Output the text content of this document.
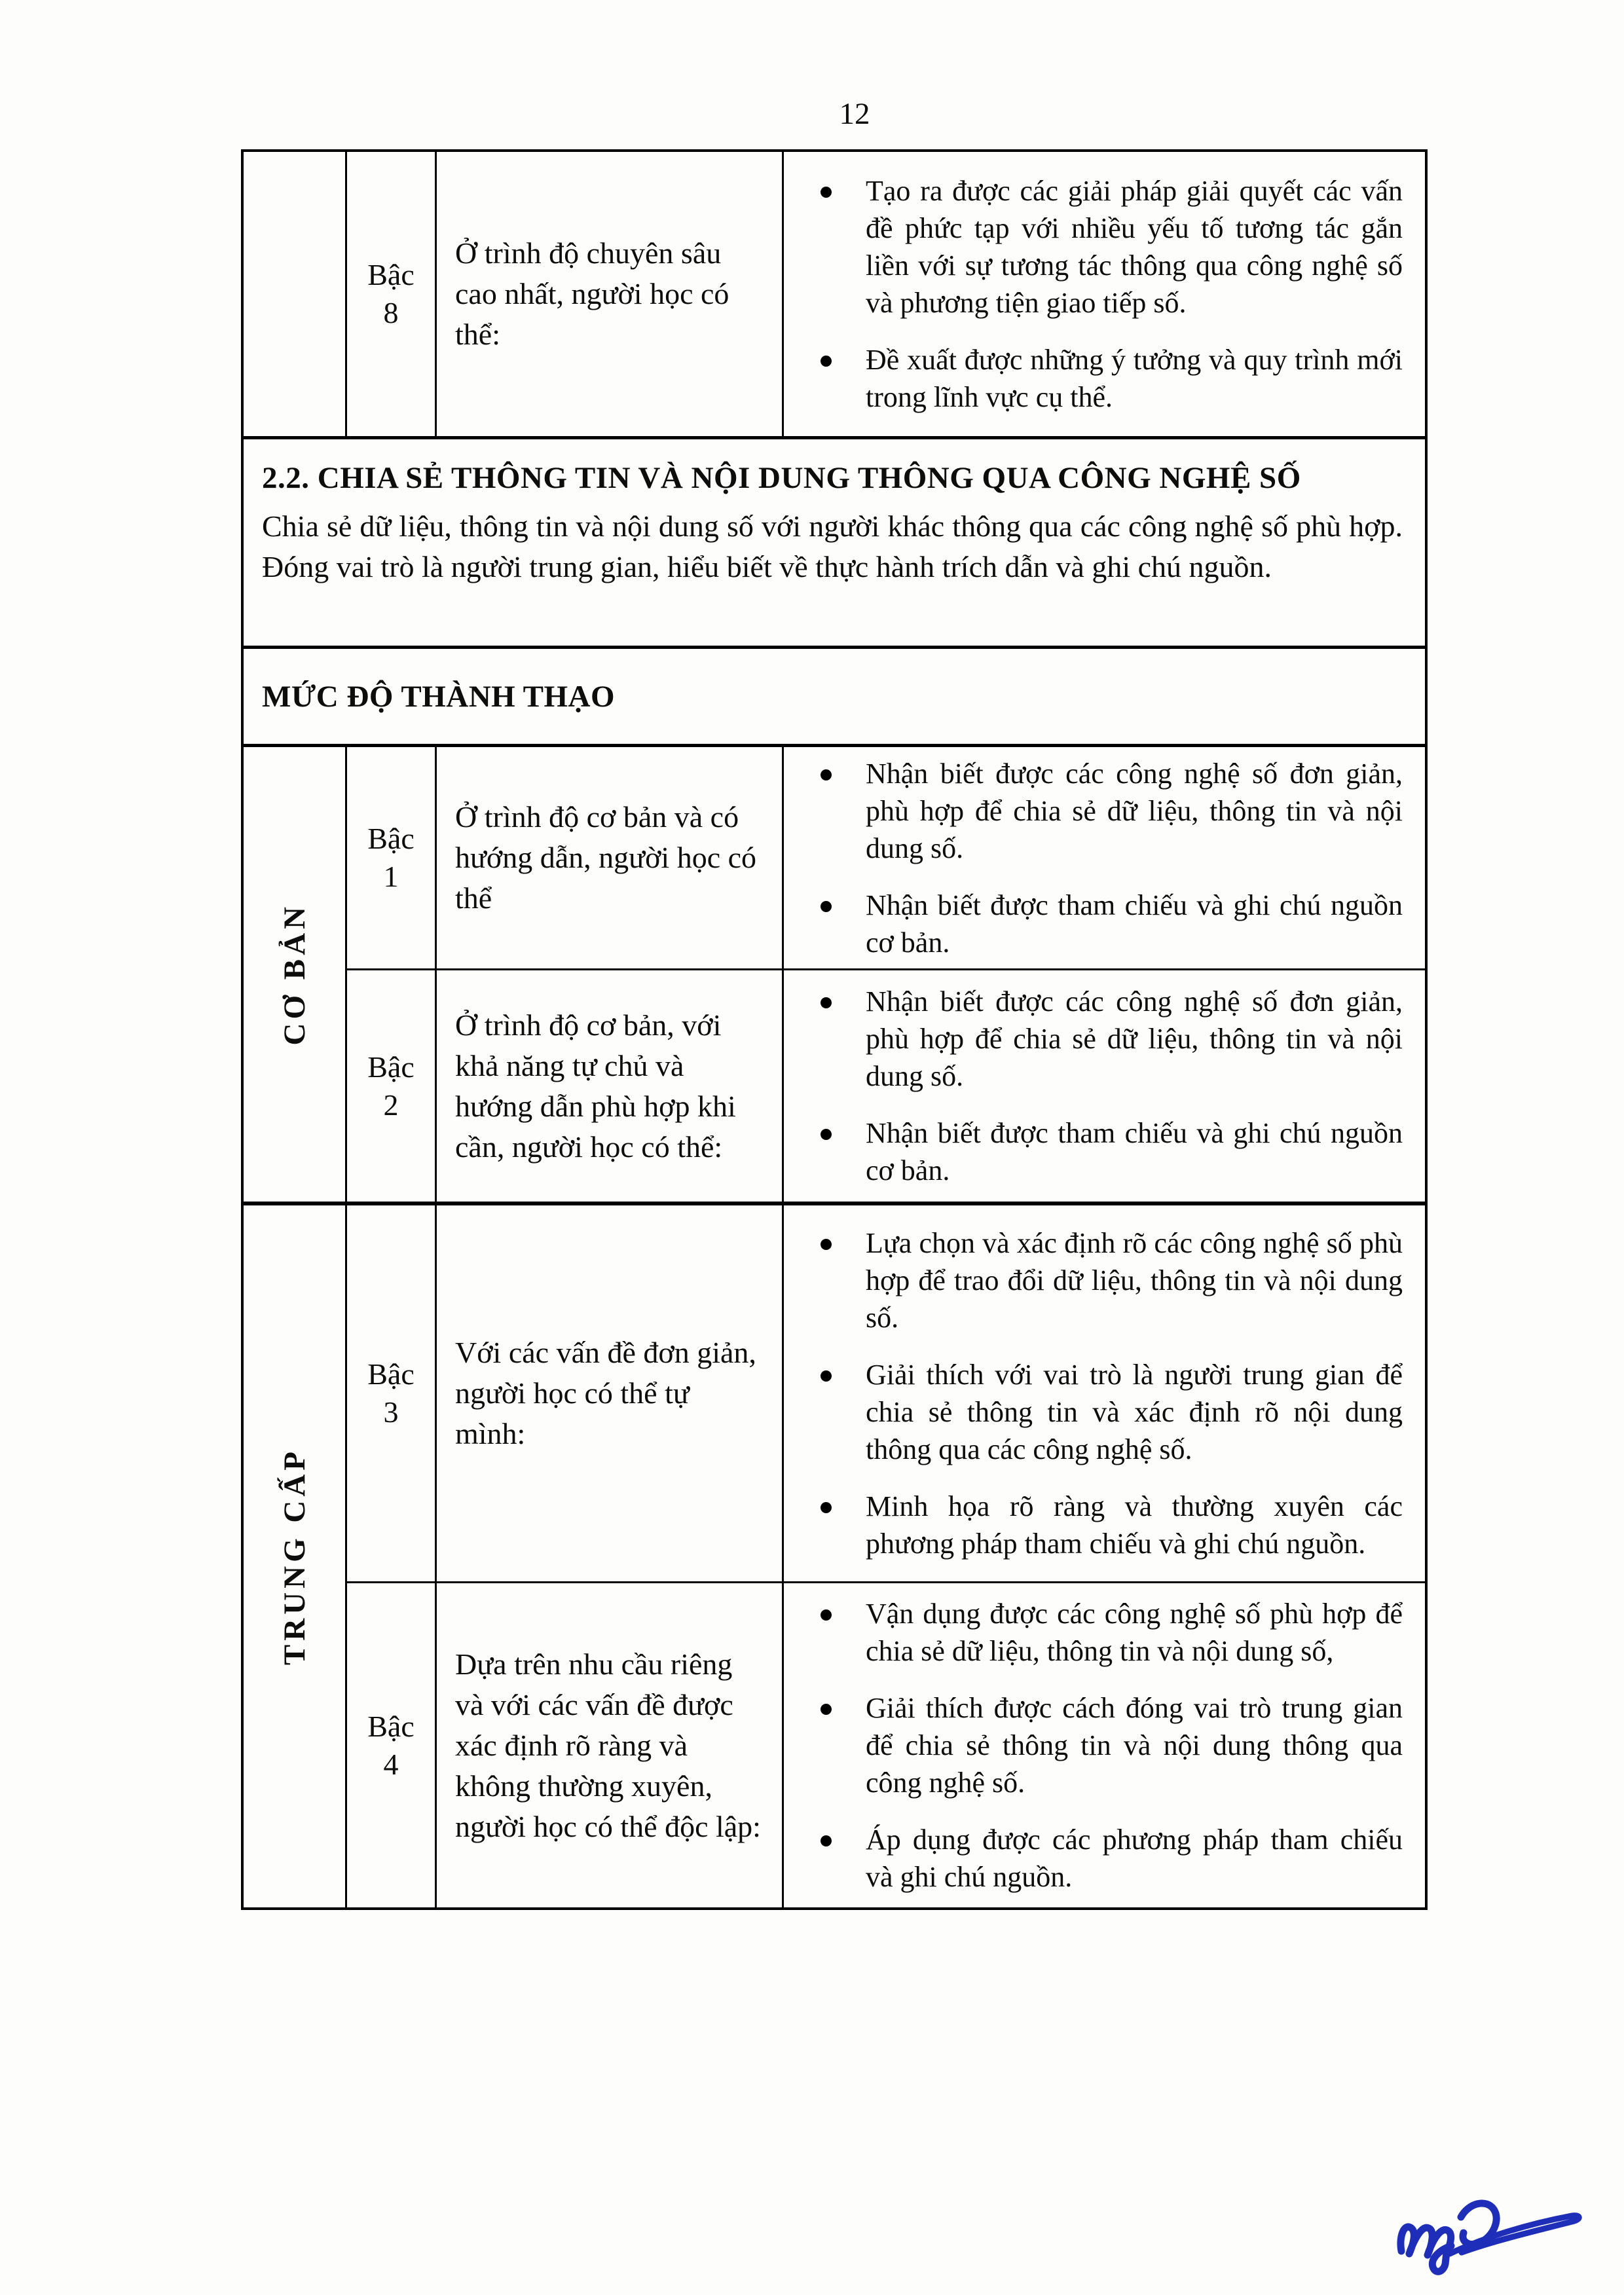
12
Bậc
8

Ở trình độ chuyên sâu cao nhất, người học có thể:

Tạo ra được các giải pháp giải quyết các vấn đề phức tạp với nhiều yếu tố tương tác gắn liền với sự tương tác thông qua công nghệ số và phương tiện giao tiếp số.
Đề xuất được những ý tưởng và quy trình mới trong lĩnh vực cụ thể.
2.2. CHIA SẺ THÔNG TIN VÀ NỘI DUNG THÔNG QUA CÔNG NGHỆ SỐ

Chia sẻ dữ liệu, thông tin và nội dung số với người khác thông qua các công nghệ số phù hợp. Đóng vai trò là người trung gian, hiểu biết về thực hành trích dẫn và ghi chú nguồn.

MỨC ĐỘ THÀNH THẠO
CƠ BẢN
Bậc
1

Ở trình độ cơ bản và có hướng dẫn, người học có thể

Nhận biết được các công nghệ số đơn giản, phù hợp để chia sẻ dữ liệu, thông tin và nội dung số.
Nhận biết được tham chiếu và ghi chú nguồn cơ bản.
Bậc
2

Ở trình độ cơ bản, với khả năng tự chủ và hướng dẫn phù hợp khi cần, người học có thể:

Nhận biết được các công nghệ số đơn giản, phù hợp để chia sẻ dữ liệu, thông tin và nội dung số.
Nhận biết được tham chiếu và ghi chú nguồn cơ bản.
TRUNG CẤP
Bậc
3

Với các vấn đề đơn giản, người học có thể tự mình:

Lựa chọn và xác định rõ các công nghệ số phù hợp để trao đổi dữ liệu, thông tin và nội dung số.
Giải thích với vai trò là người trung gian để chia sẻ thông tin và xác định rõ nội dung thông qua các công nghệ số.
Minh họa rõ ràng và thường xuyên các phương pháp tham chiếu và ghi chú nguồn.
Bậc
4

Dựa trên nhu cầu riêng và với các vấn đề được xác định rõ ràng và không thường xuyên, người học có thể độc lập:

Vận dụng được các công nghệ số phù hợp để chia sẻ dữ liệu, thông tin và nội dung số,
Giải thích được cách đóng vai trò trung gian để chia sẻ thông tin và nội dung thông qua công nghệ số.
Áp dụng được các phương pháp tham chiếu và ghi chú nguồn.
